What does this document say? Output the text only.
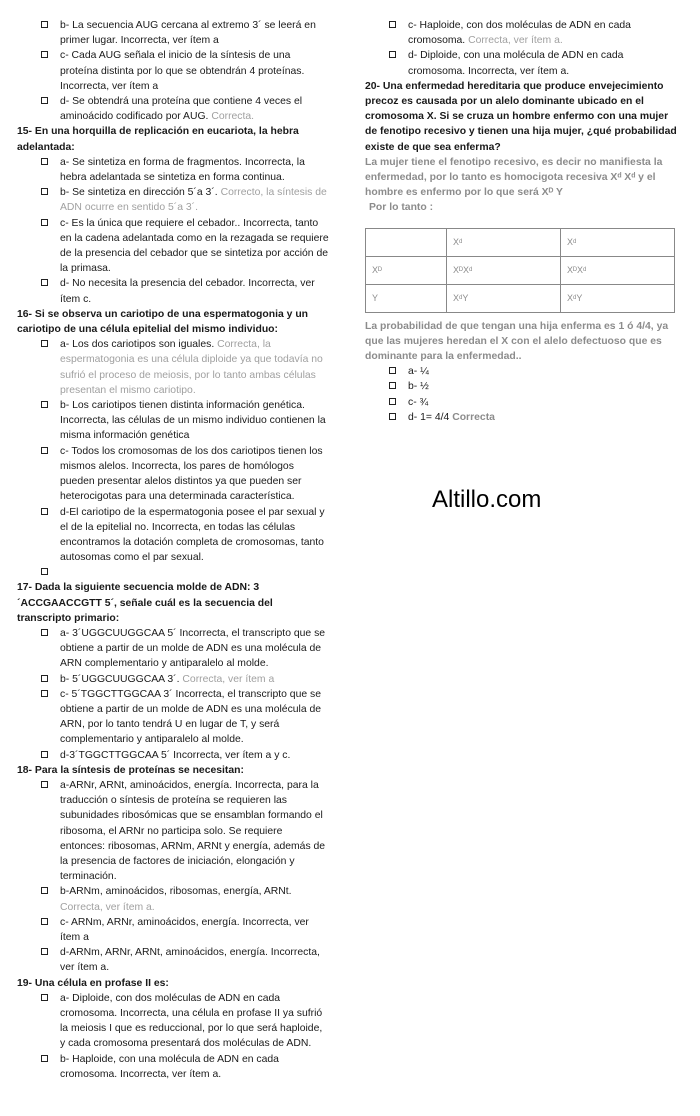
b- La secuencia AUG cercana al extremo 3´ se leerá en primer lugar. Incorrecta, ver ítem a
c- Cada AUG señala el inicio de la síntesis de una proteína distinta por lo que se obtendrán 4 proteínas. Incorrecta, ver ítem a
d- Se obtendrá una proteína que contiene 4 veces el aminoácido codificado por AUG. Correcta.
15- En una horquilla de replicación en eucariota, la hebra adelantada:
a- Se sintetiza en forma de fragmentos. Incorrecta, la hebra adelantada se sintetiza en forma continua.
b- Se sintetiza en dirección 5´a 3´. Correcto, la síntesis de ADN ocurre en sentido 5´a 3´.
c- Es la única que requiere el cebador.. Incorrecta, tanto en la cadena adelantada como en la rezagada se requiere de la presencia del cebador que se sintetiza por acción de la primasa.
d- No necesita la presencia del cebador. Incorrecta, ver ítem c.
16- Si se observa un cariotipo de una espermatogonia y un cariotipo de una célula epitelial del mismo individuo:
a- Los dos cariotipos son iguales. Correcta, la espermatogonia es una célula diploide ya que todavía no sufrió el proceso de meiosis, por lo tanto ambas células presentan el mismo cariotipo.
b- Los cariotipos tienen distinta información genética. Incorrecta, las células de un mismo individuo contienen la misma información genética
c- Todos los cromosomas de los dos cariotipos tienen los mismos alelos. Incorrecta, los pares de homólogos pueden presentar alelos distintos ya que pueden ser heterocigotas para una determinada característica.
d-El cariotipo de la espermatogonia posee el par sexual y el de la epitelial no. Incorrecta, en todas las células encontramos la dotación completa de cromosomas, tanto autosomas como el par sexual.
17- Dada la siguiente secuencia molde de ADN: 3´ACCGAACCGTT 5´, señale cuál es la secuencia del transcripto primario:
a- 3´UGGCUUGGCAA 5´ Incorrecta, el transcripto que se obtiene a partir de un molde de ADN es una molécula de ARN complementario y antiparalelo al molde.
b- 5´UGGCUUGGCAA 3´. Correcta, ver ítem a
c- 5´TGGCTTGGCAA 3´ Incorrecta, el transcripto que se obtiene a partir de un molde de ADN es una molécula de ARN, por lo tanto tendrá U en lugar de T, y será complementario y antiparalelo al molde.
d-3´TGGCTTGGCAA 5´ Incorrecta, ver ítem a y c.
18- Para la síntesis de proteínas se necesitan:
a-ARNr, ARNt, aminoácidos, energía. Incorrecta, para la traducción o síntesis de proteína se requieren las subunidades ribosómicas que se ensamblan formando el ribosoma, el ARNr no participa solo. Se requiere entonces: ribosomas, ARNm, ARNt y energía, además de la presencia de factores de iniciación, elongación y terminación.
b-ARNm, aminoácidos, ribosomas, energía, ARNt. Correcta, ver ítem a.
c- ARNm, ARNr, aminoácidos, energía. Incorrecta, ver ítem a
d-ARNm, ARNr, ARNt, aminoácidos, energía. Incorrecta, ver ítem a.
19- Una célula en profase II es:
a- Diploide, con dos moléculas de ADN en cada cromosoma. Incorrecta, una célula en profase II ya sufrió la meiosis I que es reduccional, por lo que será haploide, y cada cromosoma presentará dos moléculas de ADN.
b- Haploide, con una molécula de ADN en cada cromosoma. Incorrecta, ver ítem a.
c- Haploide, con dos moléculas de ADN en cada cromosoma. Correcta, ver ítem a.
d- Diploide, con una molécula de ADN en cada cromosoma. Incorrecta, ver ítem a.
20- Una enfermedad hereditaria que produce envejecimiento precoz es causada por un alelo dominante ubicado en el cromosoma X. Si se cruza un hombre enfermo con una mujer de fenotipo recesivo y tienen una hija mujer, ¿qué probabilidad existe de que sea enferma?
La mujer tiene el fenotipo recesivo, es decir no manifiesta la enfermedad, por lo tanto es homocigota recesiva Xᵈ Xᵈ y el hombre es enfermo por lo que será Xᴰ Y
Por lo tanto :
	Xᵈ	Xᵈ
Xᴰ	XᴰXᵈ	XᴰXᵈ
Y	XᵈY	XᵈY
La probabilidad de que tengan una hija enferma es 1 ó 4/4, ya que las mujeres heredan el X con el alelo defectuoso que es dominante para la enfermedad..
a- ¼
b- ½
c- ¾
d- 1= 4/4 Correcta
Altillo.com
